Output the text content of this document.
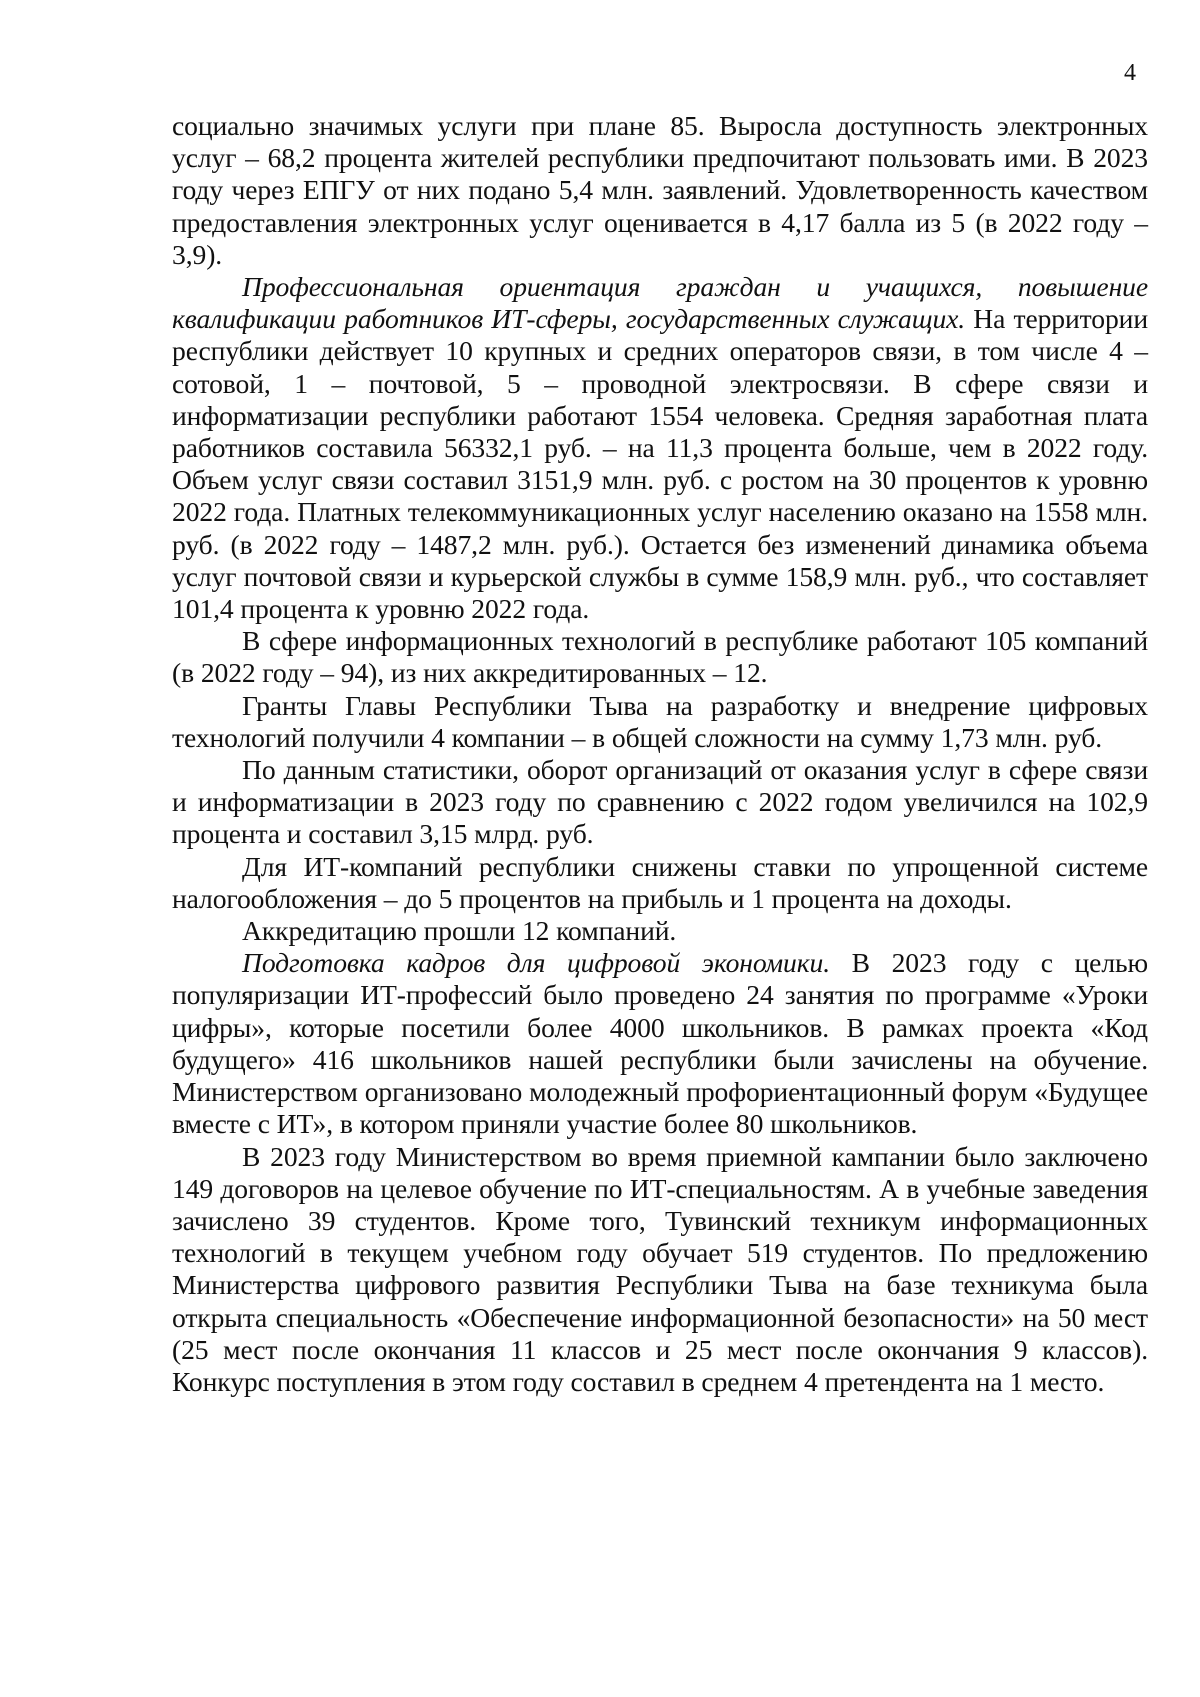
4

социально значимых услуги при плане 85. Выросла доступность электронных услуг – 68,2 процента жителей республики предпочитают пользовать ими. В 2023 году через ЕПГУ от них подано 5,4 млн. заявлений. Удовлетворенность качеством предоставления электронных услуг оценивается в 4,17 балла из 5 (в 2022 году – 3,9).

Профессиональная ориентация граждан и учащихся, повышение квалификации работников ИТ-сферы, государственных служащих. На территории республики действует 10 крупных и средних операторов связи, в том числе 4 – сотовой, 1 – почтовой, 5 – проводной электросвязи. В сфере связи и информатизации республики работают 1554 человека. Средняя заработная плата работников составила 56332,1 руб. – на 11,3 процента больше, чем в 2022 году. Объем услуг связи составил 3151,9 млн. руб. с ростом на 30 процентов к уровню 2022 года. Платных телекоммуникационных услуг населению оказано на 1558 млн. руб. (в 2022 году – 1487,2 млн. руб.). Остается без изменений динамика объема услуг почтовой связи и курьерской службы в сумме 158,9 млн. руб., что составляет 101,4 процента к уровню 2022 года.

В сфере информационных технологий в республике работают 105 компаний (в 2022 году – 94), из них аккредитированных – 12.

Гранты Главы Республики Тыва на разработку и внедрение цифровых технологий получили 4 компании – в общей сложности на сумму 1,73 млн. руб.

По данным статистики, оборот организаций от оказания услуг в сфере связи и информатизации в 2023 году по сравнению с 2022 годом увеличился на 102,9 процента и составил 3,15 млрд. руб.

Для ИТ-компаний республики снижены ставки по упрощенной системе налогообложения – до 5 процентов на прибыль и 1 процента на доходы.

Аккредитацию прошли 12 компаний.

Подготовка кадров для цифровой экономики. В 2023 году с целью популяризации ИТ-профессий было проведено 24 занятия по программе «Уроки цифры», которые посетили более 4000 школьников. В рамках проекта «Код будущего» 416 школьников нашей республики были зачислены на обучение. Министерством организовано молодежный профориентационный форум «Будущее вместе с ИТ», в котором приняли участие более 80 школьников.

В 2023 году Министерством во время приемной кампании было заключено 149 договоров на целевое обучение по ИТ-специальностям. А в учебные заведения зачислено 39 студентов. Кроме того, Тувинский техникум информационных технологий в текущем учебном году обучает 519 студентов. По предложению Министерства цифрового развития Республики Тыва на базе техникума была открыта специальность «Обеспечение информационной безопасности» на 50 мест (25 мест после окончания 11 классов и 25 мест после окончания 9 классов). Конкурс поступления в этом году составил в среднем 4 претендента на 1 место.
